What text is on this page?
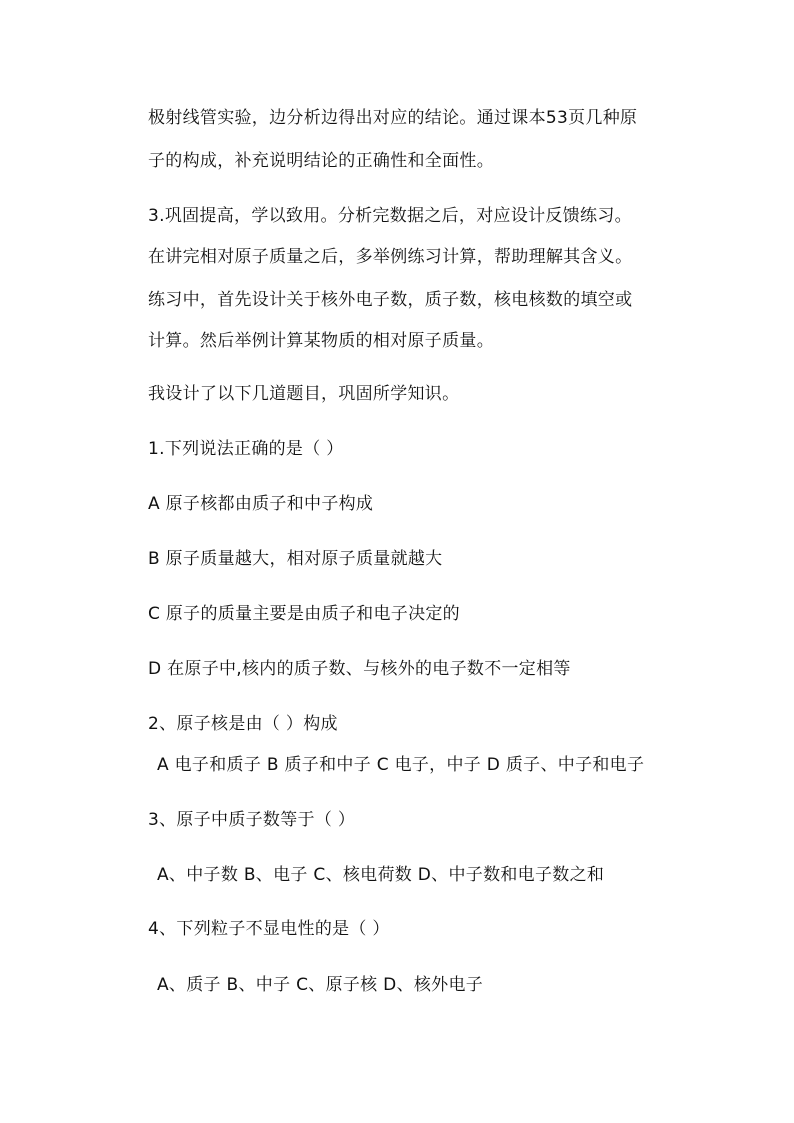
极射线管实验，边分析边得出对应的结论。通过课本53页几种原
子的构成，补充说明结论的正确性和全面性。
3.巩固提高，学以致用。分析完数据之后，对应设计反馈练习。
在讲完相对原子质量之后，多举例练习计算，帮助理解其含义。
练习中，首先设计关于核外电子数，质子数，核电核数的填空或
计算。然后举例计算某物质的相对原子质量。
我设计了以下几道题目，巩固所学知识。
1.下列说法正确的是（ ）
A 原子核都由质子和中子构成
B 原子质量越大，相对原子质量就越大
C 原子的质量主要是由质子和电子决定的
D 在原子中,核内的质子数、与核外的电子数不一定相等
2、原子核是由（ ）构成
A 电子和质子 B 质子和中子 C 电子，中子 D 质子、中子和电子
3、原子中质子数等于（ ）
A、中子数 B、电子 C、核电荷数 D、中子数和电子数之和
4、下列粒子不显电性的是（ ）
A、质子 B、中子 C、原子核 D、核外电子
